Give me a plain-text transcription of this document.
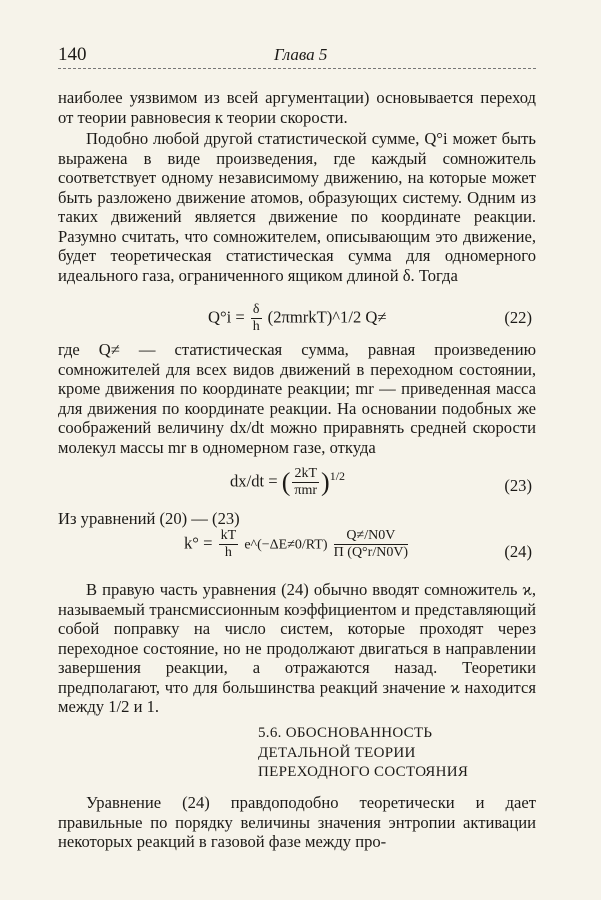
140	Глава 5

наиболее уязвимом из всей аргументации) основывается переход от теории равновесия к теории скорости.

Подобно любой другой статистической сумме, Q°i может быть выражена в виде произведения, где каждый сомножитель соответствует одному независимому движению, на которые может быть разложено движение атомов, образующих систему. Одним из таких движений является движение по координате реакции. Разумно считать, что сомножителем, описывающим это движение, будет теоретическая статистическая сумма для одномерного идеального газа, ограниченного ящиком длиной δ. Тогда

$Q^\circ i = \frac{\delta}{h}$ (2πmrkT)^1/2 Q≠	(22)

где Q≠ — статистическая сумма, равная произведению сомножителей для всех видов движений в переходном состоянии, кроме движения по координате реакции; mr — приведенная масса для движения по координате реакции. На основании подобных же соображений величину dx/dt можно приравнять средней скорости молекул массы mr в одномерном газе, откуда

dx/dt = ( $\frac{2kT}{\text{πmr}} )^{1/2}$
(23)

Из уравнений (20) — (23)

$k^\circ = \frac{kT}{h}$ e^(−ΔE≠0/RT) $\frac{Q\ne/N0V}{\Pi (Q^\circ r/N0V)}$	(24)

В правую часть уравнения (24) обычно вводят сомножитель ϰ, называемый трансмиссионным коэффициентом и представляющий собой поправку на число систем, которые проходят через переходное состояние, но не продолжают двигаться в направлении завершения реакции, а отражаются назад. Теоретики предполагают, что для большинства реакций значение ϰ находится между 1/2 и 1.

5.6. ОБОСНОВАННОСТЬ
ДЕТАЛЬНОЙ ТЕОРИИ
ПЕРЕХОДНОГО СОСТОЯНИЯ

Уравнение (24) правдоподобно теоретически и дает правильные по порядку величины значения энтропии активации некоторых реакций в газовой фазе между про-
